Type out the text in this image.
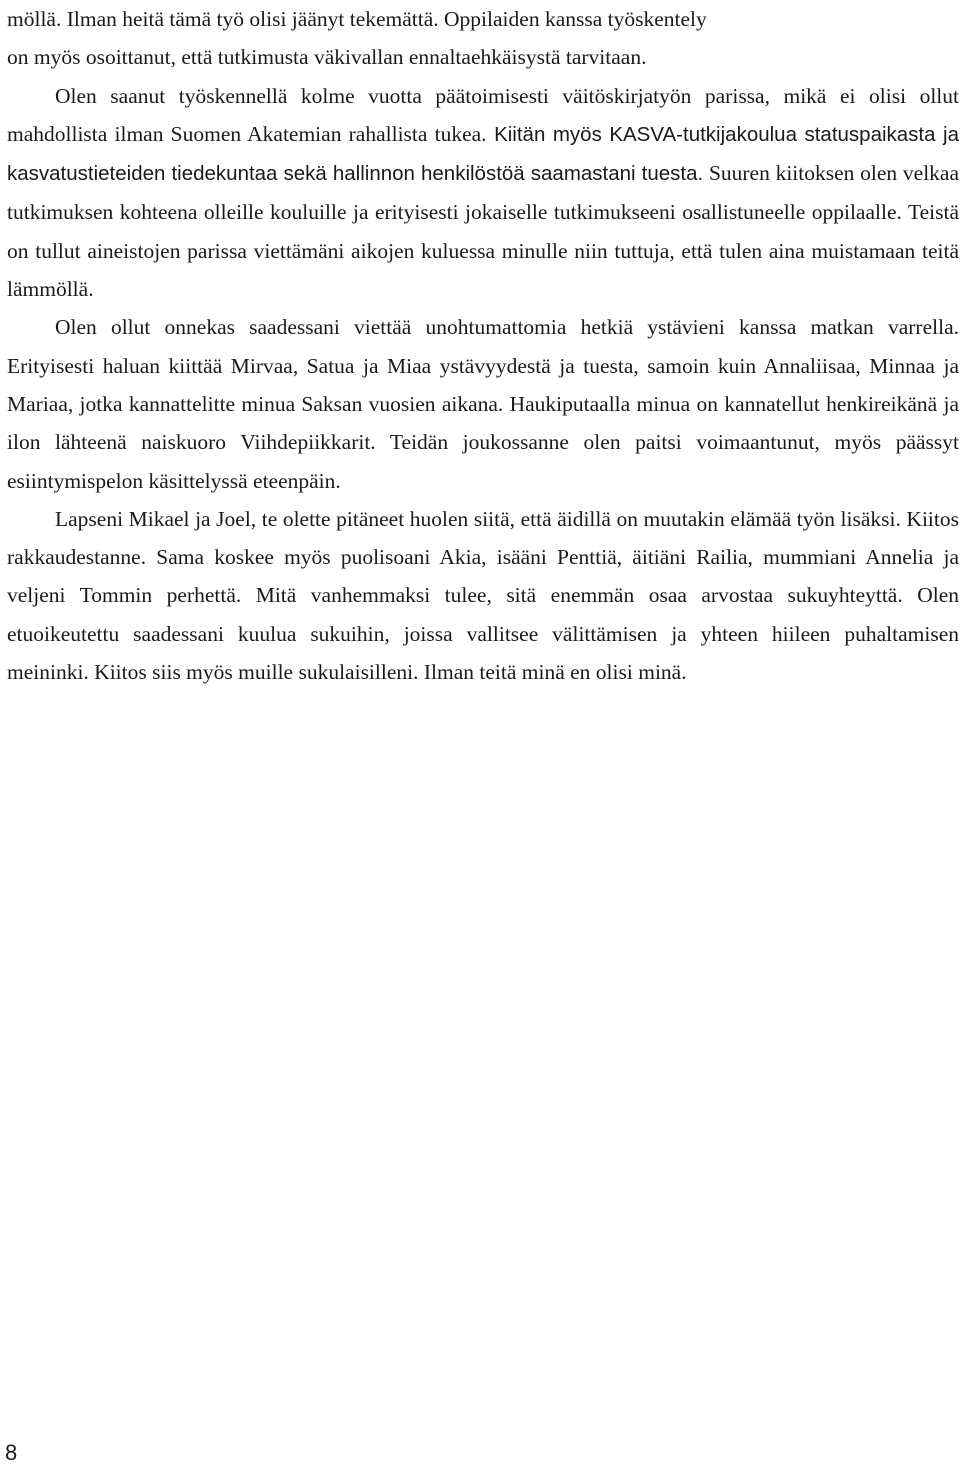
möllä. Ilman heitä tämä työ olisi jäänyt tekemättä. Oppilaiden kanssa työskentely
on myös osoittanut, että tutkimusta väkivallan ennaltaehkäisystä tarvitaan.

Olen saanut työskennellä kolme vuotta päätoimisesti väitöskirjatyön parissa, mikä ei olisi ollut mahdollista ilman Suomen Akatemian rahallista tukea. Kiitän myös KASVA-tutkijakoulua statuspaikasta ja kasvatustieteiden tiedekuntaa sekä hallinnon henkilöstöä saamastani tuesta. Suuren kiitoksen olen velkaa tutkimuksen kohteena olleille kouluille ja erityisesti jokaiselle tutkimukseeni osallistuneelle oppilaalle. Teistä on tullut aineistojen parissa viettämäni aikojen kuluessa minulle niin tuttuja, että tulen aina muistamaan teitä lämmöllä.

Olen ollut onnekas saadessani viettää unohtumattomia hetkiä ystävieni kanssa matkan varrella. Erityisesti haluan kiittää Mirvaa, Satua ja Miaa ystävyydestä ja tuesta, samoin kuin Annaliisaa, Minnaa ja Mariaa, jotka kannattelitte minua Saksan vuosien aikana. Haukiputaalla minua on kannatellut henkireikänä ja ilon lähteenä naiskuoro Viihdepiikkarit. Teidän joukossanne olen paitsi voimaantunut, myös päässyt esiintymispelon käsittelyssä eteenpäin.

Lapseni Mikael ja Joel, te olette pitäneet huolen siitä, että äidillä on muutakin elämää työn lisäksi. Kiitos rakkaudestanne. Sama koskee myös puolisoani Akia, isääni Penttiä, äitiäni Railia, mummiani Annelia ja veljeni Tommin perhettä. Mitä vanhemmaksi tulee, sitä enemmän osaa arvostaa sukuyhteyttä. Olen etuoikeutettu saadessani kuulua sukuihin, joissa vallitsee välittämisen ja yhteen hiileen puhaltamisen meininki. Kiitos siis myös muille sukulaisilleni. Ilman teitä minä en olisi minä.

8
